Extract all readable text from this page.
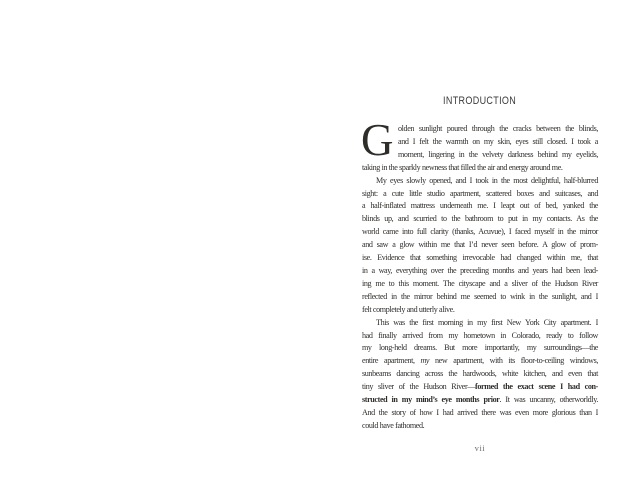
INTRODUCTION
G olden sunlight poured through the cracks between the blinds,
and I felt the warmth on my skin, eyes still closed. I took a
moment, lingering in the velvety darkness behind my eyelids,
taking in the sparkly newness that filled the air and energy around me.
My eyes slowly opened, and I took in the most delightful, half-blurred
sight: a cute little studio apartment, scattered boxes and suitcases, and
a half-inflated mattress underneath me. I leapt out of bed, yanked the
blinds up, and scurried to the bathroom to put in my contacts. As the
world came into full clarity (thanks, Acuvue), I faced myself in the mirror
and saw a glow within me that I’d never seen before. A glow of prom-
ise. Evidence that something irrevocable had changed within me, that
in a way, everything over the preceding months and years had been lead-
ing me to this moment. The cityscape and a sliver of the Hudson River
reflected in the mirror behind me seemed to wink in the sunlight, and I
felt completely and utterly alive.
This was the first morning in my first New York City apartment. I
had finally arrived from my hometown in Colorado, ready to follow
my long-held dreams. But more importantly, my surroundings—the
entire apartment, my new apartment, with its floor-to-ceiling windows,
sunbeams dancing across the hardwoods, white kitchen, and even that
tiny sliver of the Hudson River—formed the exact scene I had con-
structed in my mind’s eye months prior. It was uncanny, otherworldly.
And the story of how I had arrived there was even more glorious than I
could have fathomed.
vii
